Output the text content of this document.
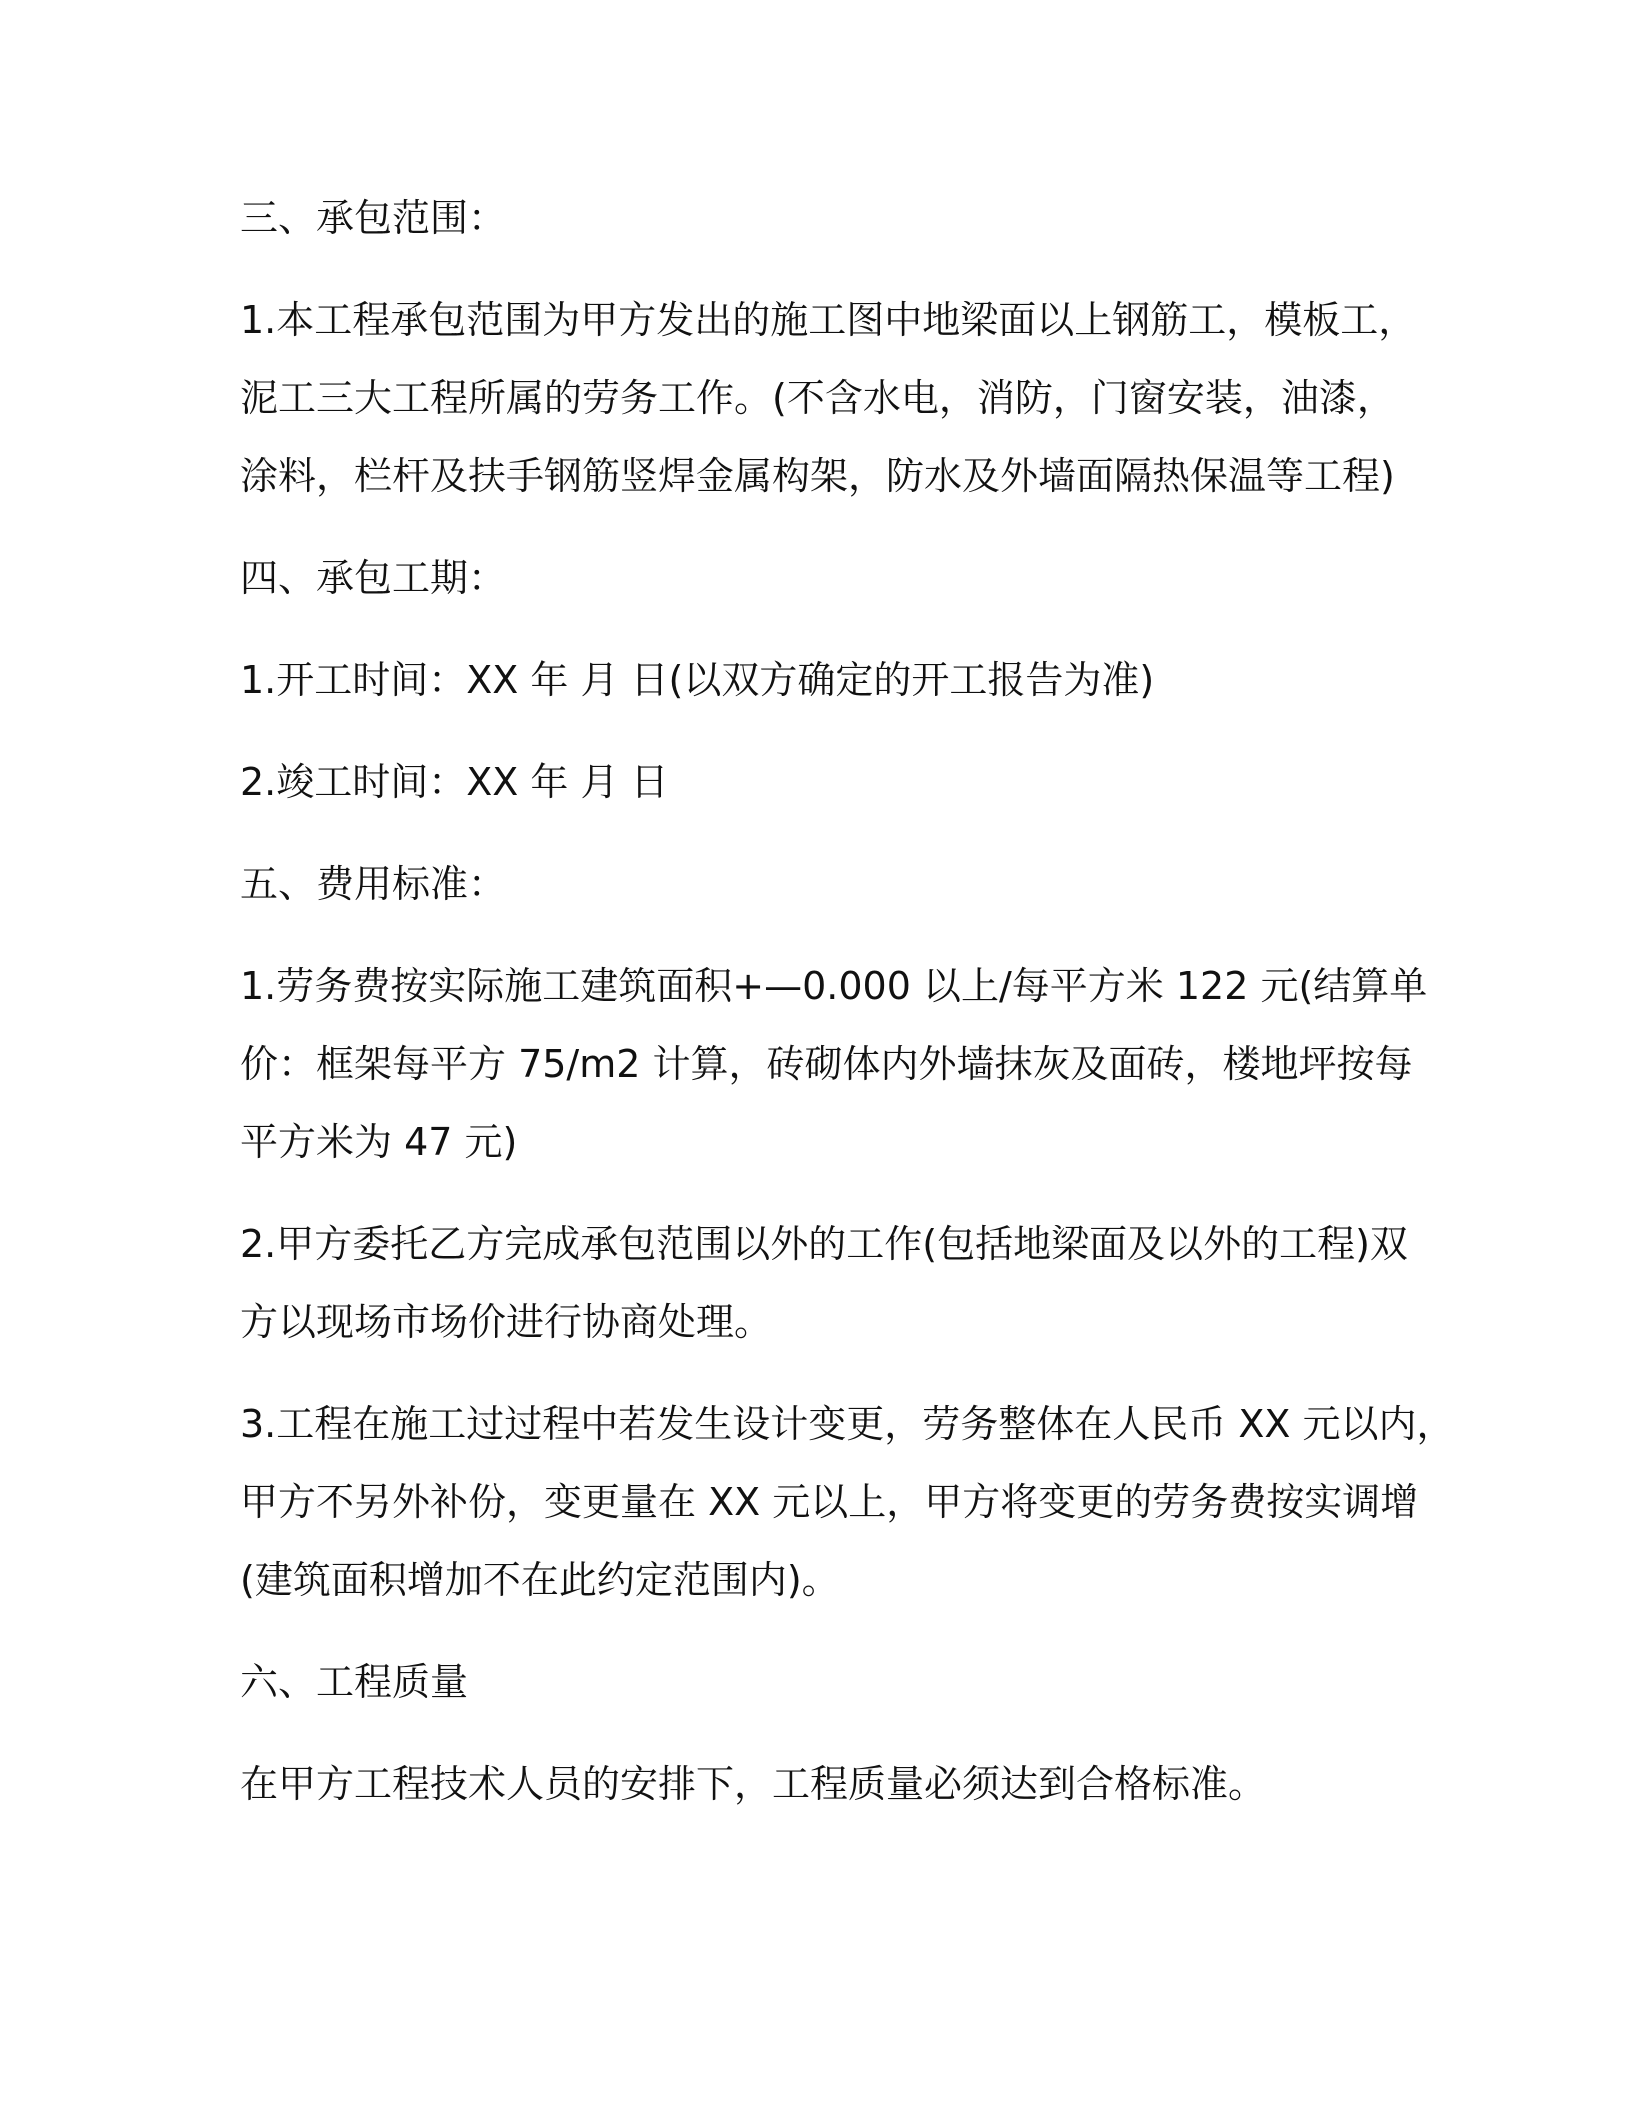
三、承包范围：
1.本工程承包范围为甲方发出的施工图中地梁面以上钢筋工，模板工，
泥工三大工程所属的劳务工作。(不含水电，消防，门窗安装，油漆，
涂料，栏杆及扶手钢筋竖焊金属构架，防水及外墙面隔热保温等工程)
四、承包工期：
1.开工时间：XX 年 月 日(以双方确定的开工报告为准)
2.竣工时间：XX 年 月 日
五、费用标准：
1.劳务费按实际施工建筑面积+—0.000 以上/每平方米 122 元(结算单
价：框架每平方 75/m2 计算，砖砌体内外墙抹灰及面砖，楼地坪按每
平方米为 47 元)
2.甲方委托乙方完成承包范围以外的工作(包括地梁面及以外的工程)双
方以现场市场价进行协商处理。
3.工程在施工过过程中若发生设计变更，劳务整体在人民币 XX 元以内，
甲方不另外补份，变更量在 XX 元以上，甲方将变更的劳务费按实调增
(建筑面积增加不在此约定范围内)。
六、工程质量
在甲方工程技术人员的安排下，工程质量必须达到合格标准。
